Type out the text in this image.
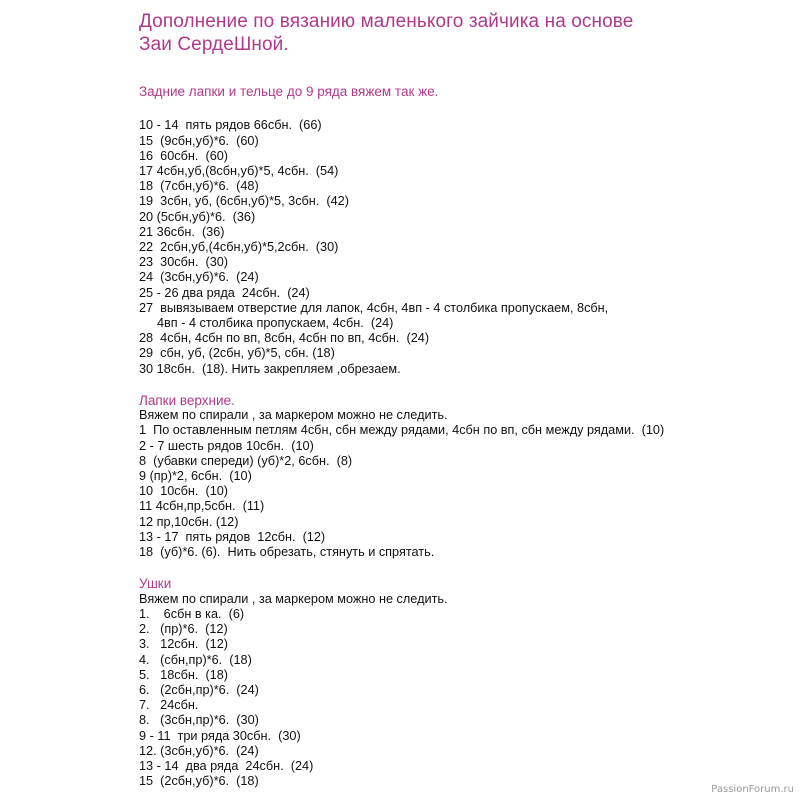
Дополнение по вязанию маленького зайчика на основе
Заи СердеШной.

Задние лапки и тельце до 9 ряда вяжем так же.

10 - 14  пять рядов 66сбн.  (66)

15  (9сбн,уб)*6.  (60)

16  60сбн.  (60)

17 4сбн,уб,(8сбн,уб)*5, 4сбн.  (54)

18  (7сбн,уб)*6.  (48)

19  3сбн, уб, (6сбн,уб)*5, 3сбн.  (42)

20 (5сбн,уб)*6.  (36)

21 36сбн.  (36)

22  2сбн,уб,(4сбн,уб)*5,2сбн.  (30)

23  30сбн.  (30)

24  (3сбн,уб)*6.  (24)

25 - 26 два ряда  24сбн.  (24)

27  вывязываем отверстие для лапок, 4сбн, 4вп - 4 столбика пропускаем, 8сбн,

4вп - 4 столбика пропускаем, 4сбн.  (24)

28  4сбн, 4сбн по вп, 8сбн, 4сбн по вп, 4сбн.  (24)

29  сбн, уб, (2сбн, уб)*5, сбн. (18)

30 18сбн.  (18). Нить закрепляем ,обрезаем.

Лапки верхние.

Вяжем по спирали , за маркером можно не следить.

1  По оставленным петлям 4сбн, сбн между рядами, 4сбн по вп, сбн между рядами.  (10)

2 - 7 шесть рядов 10сбн.  (10)

8  (убавки спереди) (уб)*2, 6сбн.  (8)

9 (пр)*2, 6сбн.  (10)

10  10сбн.  (10)

11 4сбн,пр,5сбн.  (11)

12 пр,10сбн. (12)

13 - 17  пять рядов  12сбн.  (12)

18  (уб)*6. (6).  Нить обрезать, стянуть и спрятать.

Ушки

Вяжем по спирали , за маркером можно не следить.

1.    6сбн в ка.  (6)

2.   (пр)*6.  (12)

3.   12сбн.  (12)

4.   (сбн,пр)*6.  (18)

5.   18сбн.  (18)

6.   (2сбн,пр)*6.  (24)

7.   24сбн.

8.   (3сбн,пр)*6.  (30)

9 - 11  три ряда 30сбн.  (30)

12. (3сбн,уб)*6.  (24)

13 - 14  два ряда  24сбн.  (24)

15  (2сбн,уб)*6.  (18)

PassionForum.ru
